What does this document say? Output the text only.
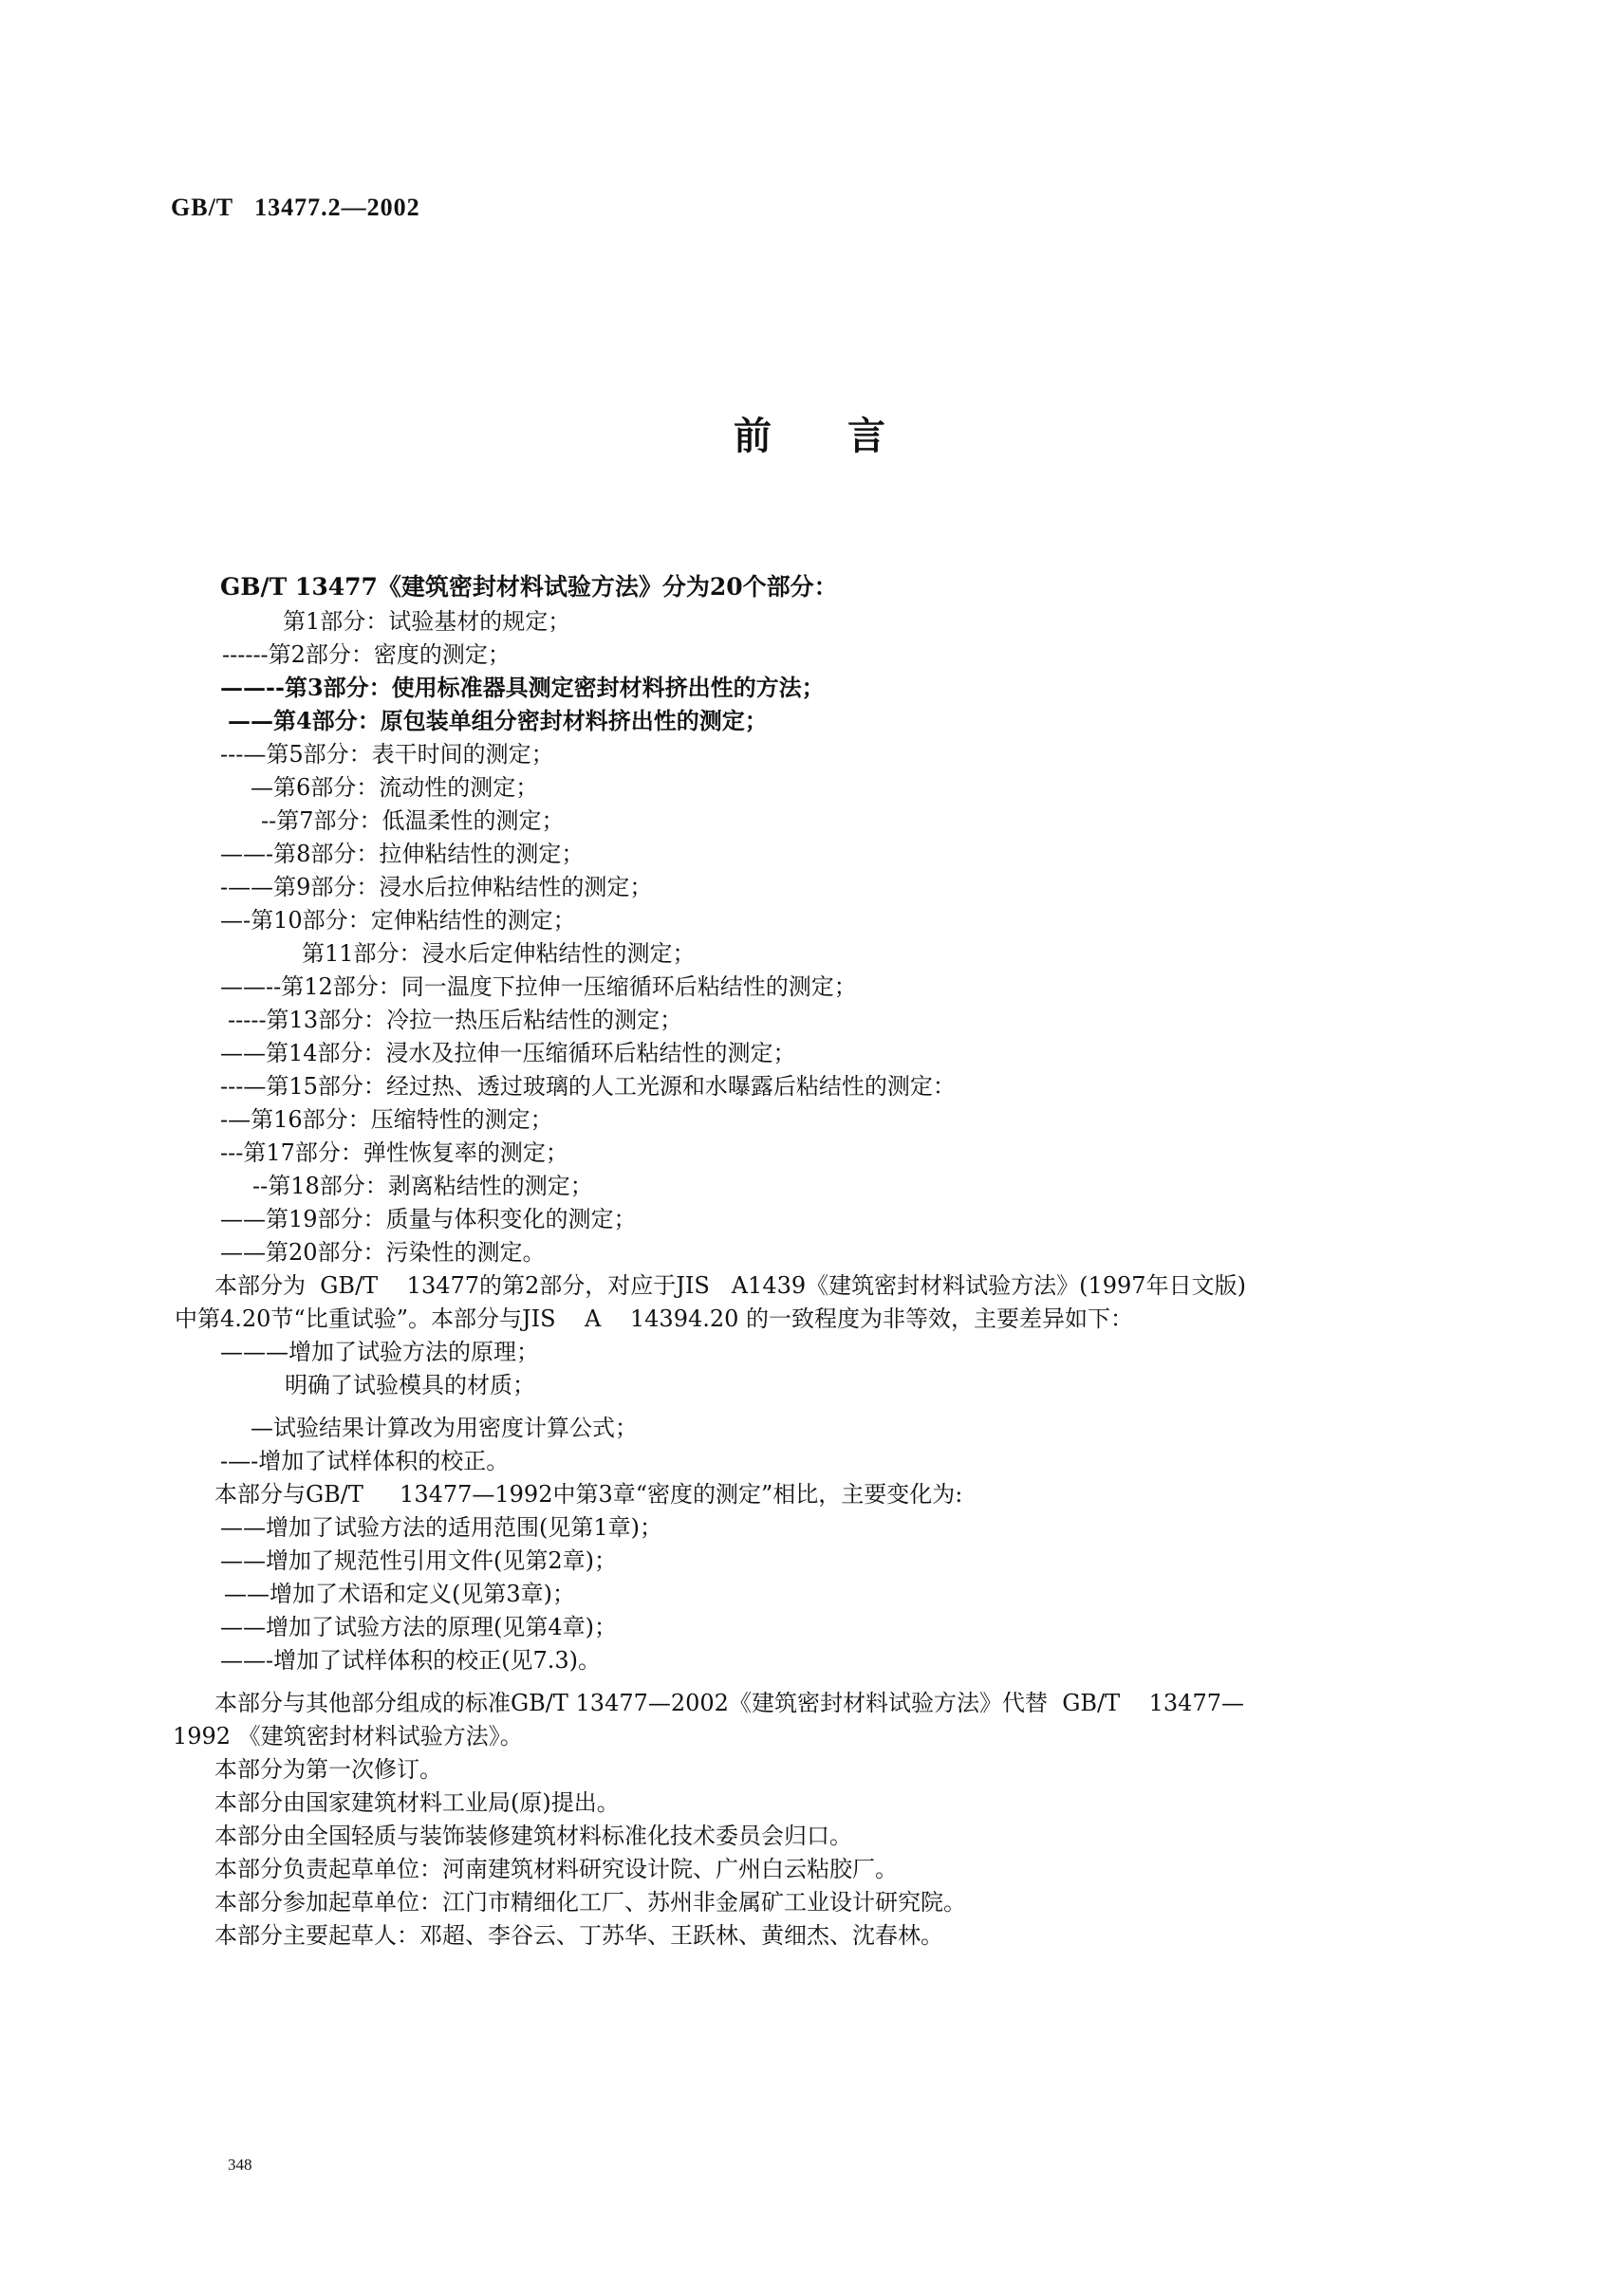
GB/T   13477.2—2002
前言
GB/T 13477《建筑密封材料试验方法》分为20个部分：
第1部分：试验基材的规定；
------第2部分：密度的测定；
——--第3部分：使用标准器具测定密封材料挤出性的方法；
——第4部分：原包装单组分密封材料挤出性的测定；
---—第5部分：表干时间的测定；
—第6部分：流动性的测定；
--第7部分：低温柔性的测定；
——-第8部分：拉伸粘结性的测定；
-——第9部分：浸水后拉伸粘结性的测定；
—-第10部分：定伸粘结性的测定；
第11部分：浸水后定伸粘结性的测定；
——--第12部分：同一温度下拉伸一压缩循环后粘结性的测定；
-----第13部分：冷拉一热压后粘结性的测定；
——第14部分：浸水及拉伸一压缩循环后粘结性的测定；
---—第15部分：经过热、透过玻璃的人工光源和水曝露后粘结性的测定：
-—第16部分：压缩特性的测定；
---第17部分：弹性恢复率的测定；
--第18部分：剥离粘结性的测定；
——第19部分：质量与体积变化的测定；
——第20部分：污染性的测定。
本部分为  GB/T    13477的第2部分，对应于JIS   A1439《建筑密封材料试验方法》(1997年日文版)
中第4.20节“比重试验”。本部分与JIS    A    14394.20 的一致程度为非等效，主要差异如下：
———增加了试验方法的原理；
明确了试验模具的材质；
—试验结果计算改为用密度计算公式；
-—-增加了试样体积的校正。
本部分与GB/T     13477—1992中第3章“密度的测定”相比，主要变化为:
——增加了试验方法的适用范围(见第1章)；
——增加了规范性引用文件(见第2章)；
——增加了术语和定义(见第3章)；
——增加了试验方法的原理(见第4章)；
——-增加了试样体积的校正(见7.3)。
本部分与其他部分组成的标准GB/T 13477—2002《建筑密封材料试验方法》代替  GB/T    13477—
1992 《建筑密封材料试验方法》。
本部分为第一次修订。
本部分由国家建筑材料工业局(原)提出。
本部分由全国轻质与装饰装修建筑材料标准化技术委员会归口。
本部分负责起草单位：河南建筑材料研究设计院、广州白云粘胶厂。
本部分参加起草单位：江门市精细化工厂、苏州非金属矿工业设计研究院。
本部分主要起草人：邓超、李谷云、丁苏华、王跃林、黄细杰、沈春林。
348
